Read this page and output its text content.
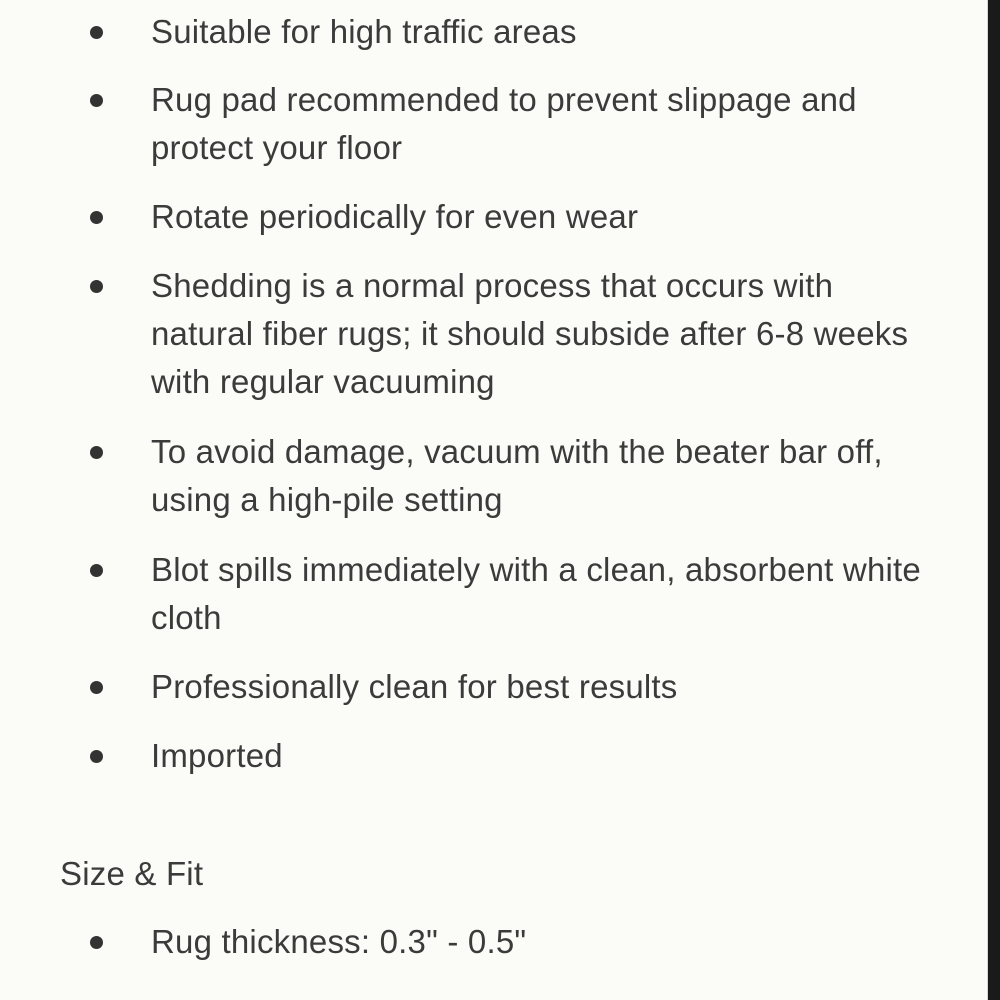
Suitable for high traffic areas
Rug pad recommended to prevent slippage and protect your floor
Rotate periodically for even wear
Shedding is a normal process that occurs with natural fiber rugs; it should subside after 6-8 weeks with regular vacuuming
To avoid damage, vacuum with the beater bar off, using a high-pile setting
Blot spills immediately with a clean, absorbent white cloth
Professionally clean for best results
Imported
Size & Fit
Rug thickness: 0.3" - 0.5"
